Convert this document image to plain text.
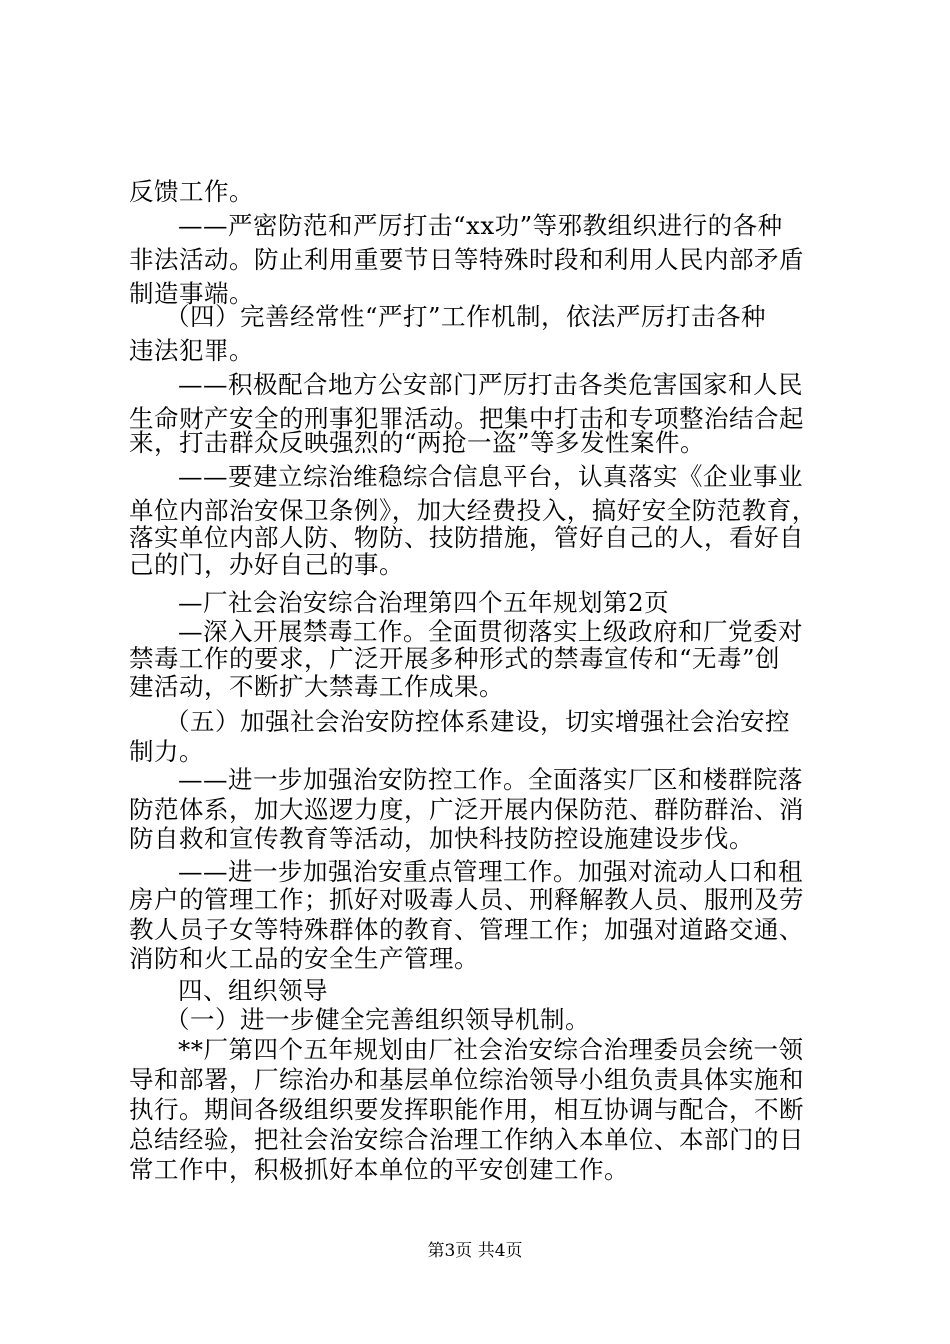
反馈工作。
——严密防范和严厉打击“xx功”等邪教组织进行的各种
非法活动。防止利用重要节日等特殊时段和利用人民内部矛盾
制造事端。
（四）完善经常性“严打”工作机制，依法严厉打击各种
违法犯罪。
——积极配合地方公安部门严厉打击各类危害国家和人民
生命财产安全的刑事犯罪活动。把集中打击和专项整治结合起
来，打击群众反映强烈的“两抢一盗”等多发性案件。
——要建立综治维稳综合信息平台，认真落实《企业事业
单位内部治安保卫条例》，加大经费投入，搞好安全防范教育，
落实单位内部人防、物防、技防措施，管好自己的人，看好自
己的门，办好自己的事。
—厂社会治安综合治理第四个五年规划第2页
—深入开展禁毒工作。全面贯彻落实上级政府和厂党委对
禁毒工作的要求，广泛开展多种形式的禁毒宣传和“无毒”创
建活动，不断扩大禁毒工作成果。
（五）加强社会治安防控体系建设，切实增强社会治安控
制力。
——进一步加强治安防控工作。全面落实厂区和楼群院落
防范体系，加大巡逻力度，广泛开展内保防范、群防群治、消
防自救和宣传教育等活动，加快科技防控设施建设步伐。
——进一步加强治安重点管理工作。加强对流动人口和租
房户的管理工作；抓好对吸毒人员、刑释解教人员、服刑及劳
教人员子女等特殊群体的教育、管理工作；加强对道路交通、
消防和火工品的安全生产管理。
四、组织领导
（一）进一步健全完善组织领导机制。
**厂第四个五年规划由厂社会治安综合治理委员会统一领
导和部署，厂综治办和基层单位综治领导小组负责具体实施和
执行。期间各级组织要发挥职能作用，相互协调与配合，不断
总结经验，把社会治安综合治理工作纳入本单位、本部门的日
常工作中，积极抓好本单位的平安创建工作。
第3页 共4页
